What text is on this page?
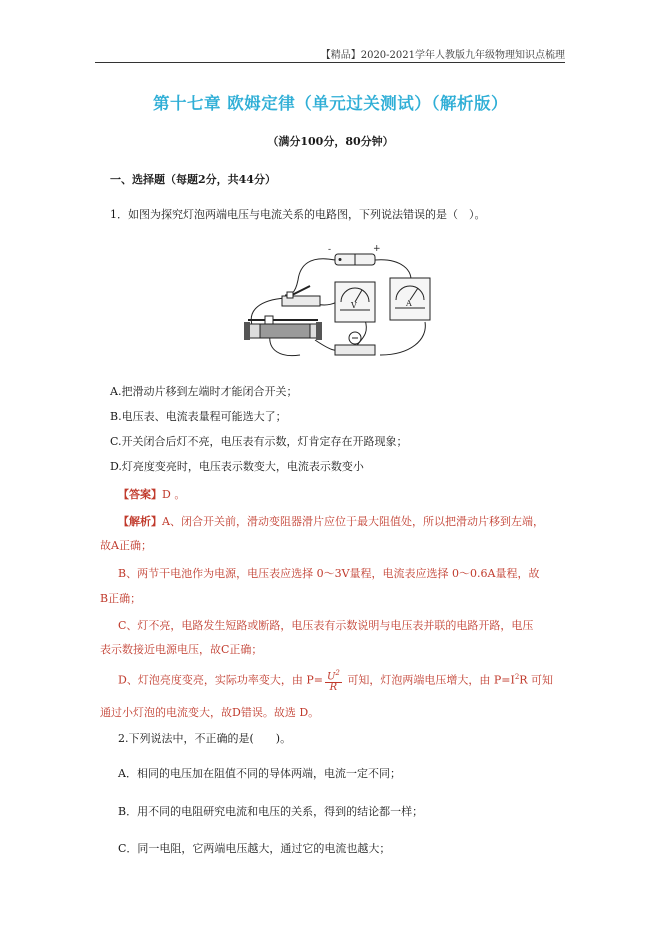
【精品】2020-2021学年人教版九年级物理知识点梳理
第十七章 欧姆定律（单元过关测试）（解析版）
（满分100分，80分钟）
一、选择题（每题2分，共44分）
1．如图为探究灯泡两端电压与电流关系的电路图，下列说法错误的是（　）。
-	+
V	A
A.把滑动片移到左端时才能闭合开关；
B.电压表、电流表量程可能选大了；
C.开关闭合后灯不亮，电压表有示数，灯肯定存在开路现象；
D.灯亮度变亮时，电压表示数变大，电流表示数变小
【答案】D 。
【解析】A、闭合开关前，滑动变阻器滑片应位于最大阻值处，所以把滑动片移到左端，
故A正确；
B、两节干电池作为电源，电压表应选择 0～3V量程，电流表应选择 0～0.6A量程，故
B正确；
C、灯不亮，电路发生短路或断路，电压表有示数说明与电压表并联的电路开路，电压
表示数接近电源电压，故C正确；
D、灯泡亮度变亮，实际功率变大，由 $P= \frac{U^2}{R}$ 可知，灯泡两端电压增大，由 $P=I^2R$ 可知
通过小灯泡的电流变大，故D错误。故选 D。
2.下列说法中，不正确的是(　　)。
A．相同的电压加在阻值不同的导体两端，电流一定不同；
B．用不同的电阻研究电流和电压的关系，得到的结论都一样；
C．同一电阻，它两端电压越大，通过它的电流也越大；
